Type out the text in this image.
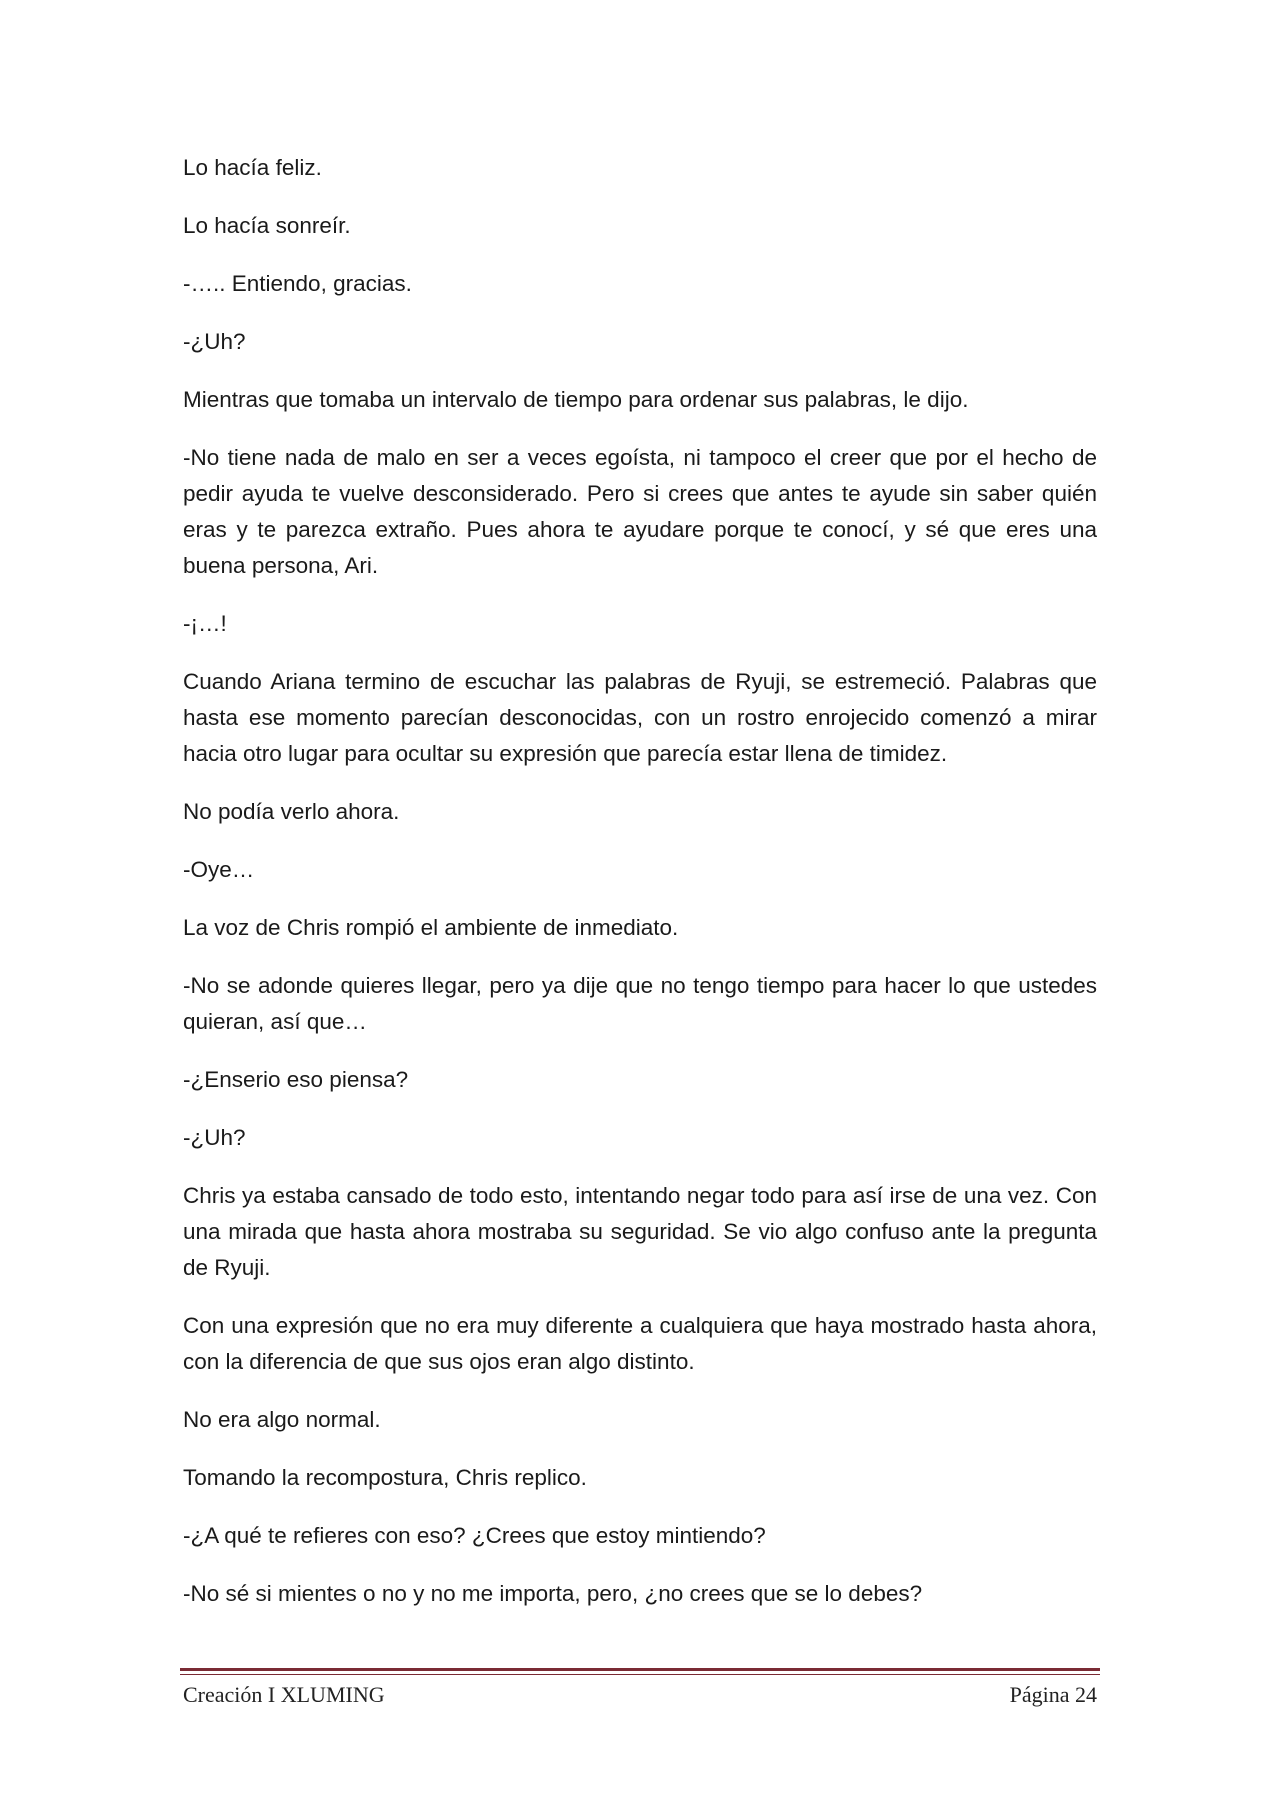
Lo hacía feliz.

Lo hacía sonreír.

-….. Entiendo, gracias.

-¿Uh?

Mientras que tomaba un intervalo de tiempo para ordenar sus palabras, le dijo.

-No tiene nada de malo en ser a veces egoísta, ni tampoco el creer que por el hecho de pedir ayuda te vuelve desconsiderado. Pero si crees que antes te ayude sin saber quién eras y te parezca extraño. Pues ahora te ayudare porque te conocí, y sé que eres una buena persona, Ari.

-¡…!

Cuando Ariana termino de escuchar las palabras de Ryuji, se estremeció. Palabras que hasta ese momento parecían desconocidas, con un rostro enrojecido comenzó a mirar hacia otro lugar para ocultar su expresión que parecía estar llena de timidez.

No podía verlo ahora.

-Oye…

La voz de Chris rompió el ambiente de inmediato.

-No se adonde quieres llegar, pero ya dije que no tengo tiempo para hacer lo que ustedes quieran, así que…

-¿Enserio eso piensa?

-¿Uh?

Chris ya estaba cansado de todo esto, intentando negar todo para así irse de una vez. Con una mirada que hasta ahora mostraba su seguridad. Se vio algo confuso ante la pregunta de Ryuji.

Con una expresión que no era muy diferente a cualquiera que haya mostrado hasta ahora, con la diferencia de que sus ojos eran algo distinto.

No era algo normal.

Tomando la recompostura, Chris replico.

-¿A qué te refieres con eso? ¿Crees que estoy mintiendo?

-No sé si mientes o no y no me importa, pero, ¿no crees que se lo debes?

Creación I XLUMING	Página 24
